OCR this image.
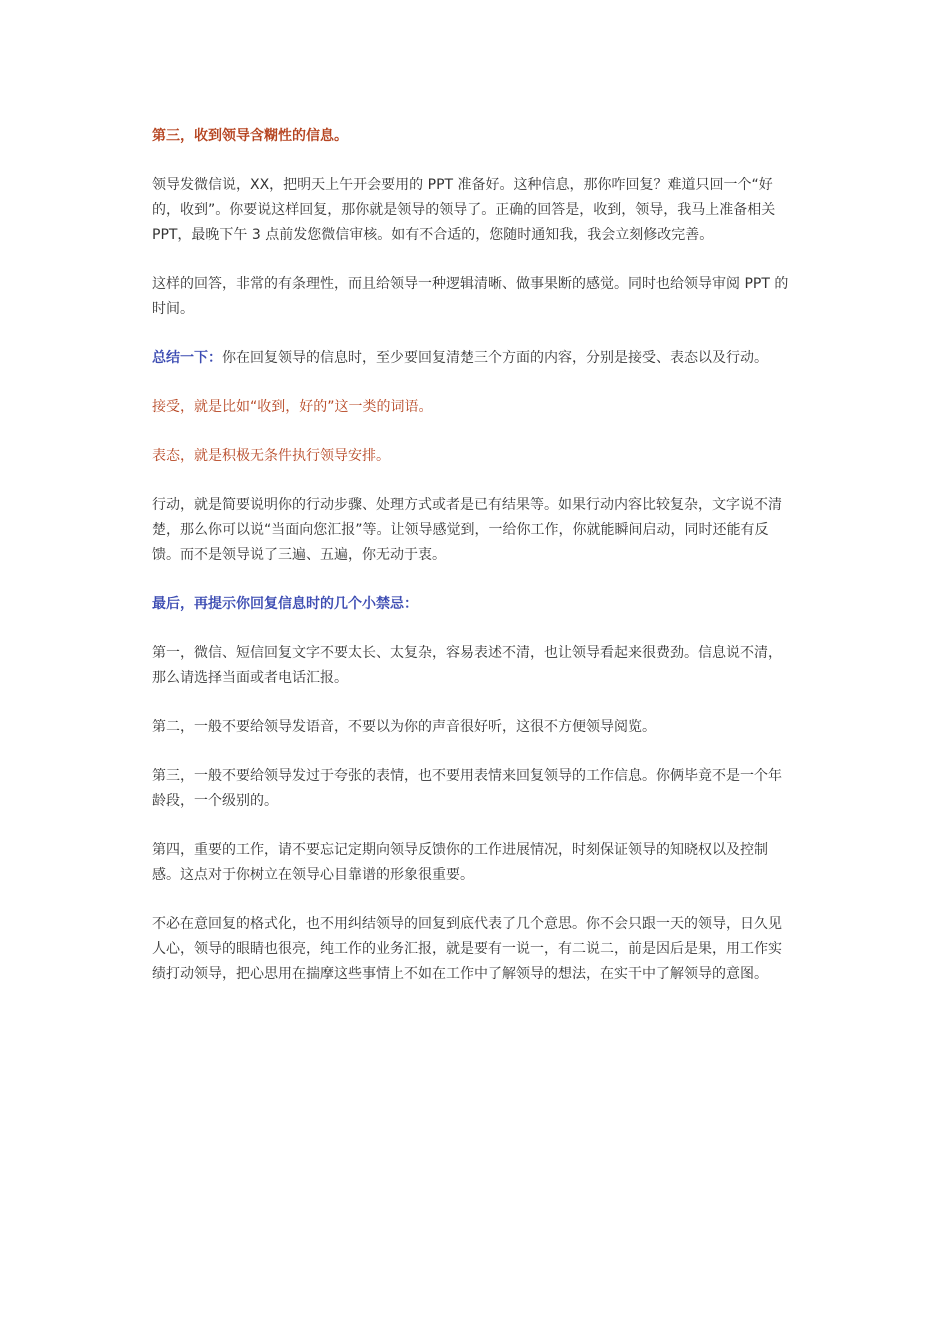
第三，收到领导含糊性的信息。

领导发微信说，XX，把明天上午开会要用的 PPT 准备好。这种信息，那你咋回复？难道只回一个“好的，收到”。你要说这样回复，那你就是领导的领导了。正确的回答是，收到，领导，我马上准备相关 PPT，最晚下午 3 点前发您微信审核。如有不合适的，您随时通知我，我会立刻修改完善。

这样的回答，非常的有条理性，而且给领导一种逻辑清晰、做事果断的感觉。同时也给领导审阅 PPT 的时间。

总结一下：你在回复领导的信息时，至少要回复清楚三个方面的内容，分别是接受、表态以及行动。

接受，就是比如“收到，好的”这一类的词语。

表态，就是积极无条件执行领导安排。

行动，就是简要说明你的行动步骤、处理方式或者是已有结果等。如果行动内容比较复杂，文字说不清楚，那么你可以说“当面向您汇报”等。让领导感觉到，一给你工作，你就能瞬间启动，同时还能有反馈。而不是领导说了三遍、五遍，你无动于衷。

最后，再提示你回复信息时的几个小禁忌：

第一，微信、短信回复文字不要太长、太复杂，容易表述不清，也让领导看起来很费劲。信息说不清，那么请选择当面或者电话汇报。

第二，一般不要给领导发语音，不要以为你的声音很好听，这很不方便领导阅览。

第三，一般不要给领导发过于夸张的表情，也不要用表情来回复领导的工作信息。你俩毕竟不是一个年龄段，一个级别的。

第四，重要的工作，请不要忘记定期向领导反馈你的工作进展情况，时刻保证领导的知晓权以及控制感。这点对于你树立在领导心目靠谱的形象很重要。

不必在意回复的格式化，也不用纠结领导的回复到底代表了几个意思。你不会只跟一天的领导，日久见人心，领导的眼睛也很亮，纯工作的业务汇报，就是要有一说一，有二说二，前是因后是果，用工作实绩打动领导，把心思用在揣摩这些事情上不如在工作中了解领导的想法，在实干中了解领导的意图。
